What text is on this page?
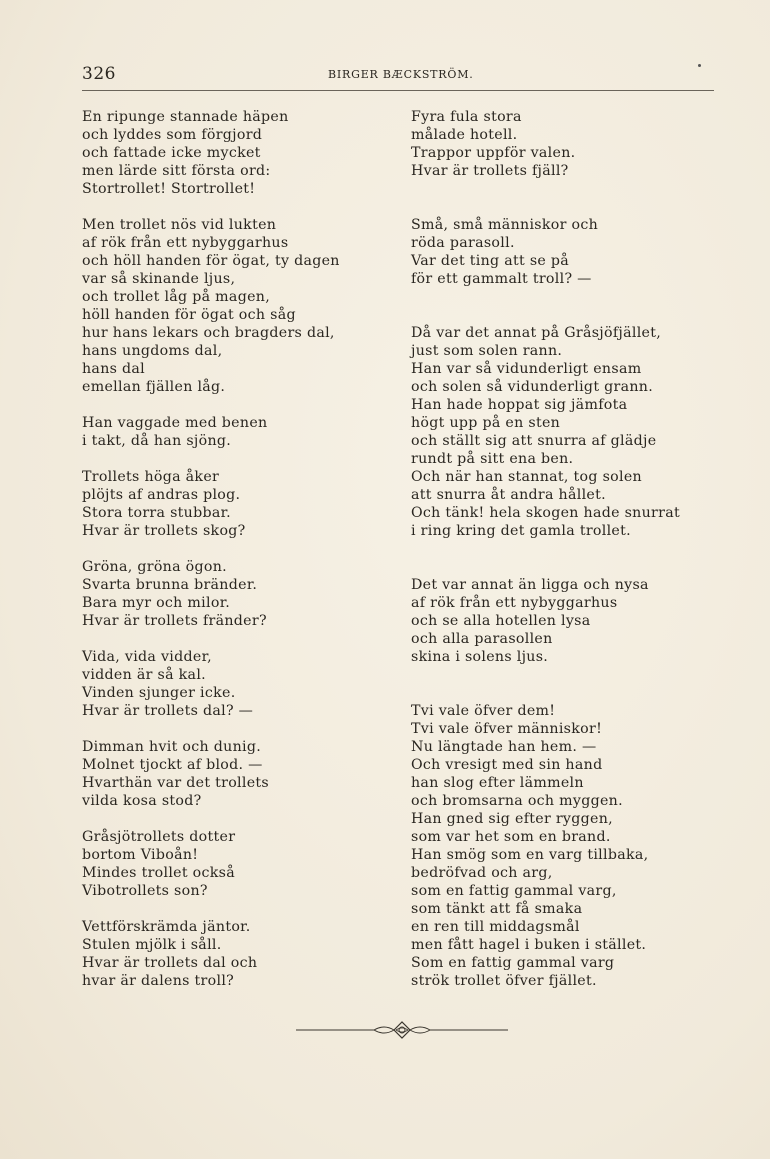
326	BIRGER BÆCKSTRÖM.
En ripunge stannade häpen
och lyddes som förgjord
och fattade icke mycket
men lärde sitt första ord:
Stortrollet! Stortrollet!
Men trollet nös vid lukten
af rök från ett nybyggarhus
och höll handen för ögat, ty dagen
var så skinande ljus,
och trollet låg på magen,
höll handen för ögat och såg
hur hans lekars och bragders dal,
hans ungdoms dal,
hans dal
emellan fjällen låg.
Han vaggade med benen
i takt, då han sjöng.
Trollets höga åker
plöjts af andras plog.
Stora torra stubbar.
Hvar är trollets skog?
Gröna, gröna ögon.
Svarta brunna bränder.
Bara myr och milor.
Hvar är trollets fränder?
Vida, vida vidder,
vidden är så kal.
Vinden sjunger icke.
Hvar är trollets dal? —
Dimman hvit och dunig.
Molnet tjockt af blod. —
Hvarthän var det trollets
vilda kosa stod?
Gråsjötrollets dotter
bortom Viboån!
Mindes trollet också
Vibotrollets son?
Vettförskrämda jäntor.
Stulen mjölk i såll.
Hvar är trollets dal och
hvar är dalens troll?
Fyra fula stora
målade hotell.
Trappor uppför valen.
Hvar är trollets fjäll?
Små, små människor och
röda parasoll.
Var det ting att se på
för ett gammalt troll? —
Då var det annat på Gråsjöfjället,
just som solen rann.
Han var så vidunderligt ensam
och solen så vidunderligt grann.
Han hade hoppat sig jämfota
högt upp på en sten
och ställt sig att snurra af glädje
rundt på sitt ena ben.
Och när han stannat, tog solen
att snurra åt andra hållet.
Och tänk! hela skogen hade snurrat
i ring kring det gamla trollet.
Det var annat än ligga och nysa
af rök från ett nybyggarhus
och se alla hotellen lysa
och alla parasollen
skina i solens ljus.
Tvi vale öfver dem!
Tvi vale öfver människor!
Nu längtade han hem. —
Och vresigt med sin hand
han slog efter lämmeln
och bromsarna och myggen.
Han gned sig efter ryggen,
som var het som en brand.
Han smög som en varg tillbaka,
bedröfvad och arg,
som en fattig gammal varg,
som tänkt att få smaka
en ren till middagsmål
men fått hagel i buken i stället.
Som en fattig gammal varg
strök trollet öfver fjället.
